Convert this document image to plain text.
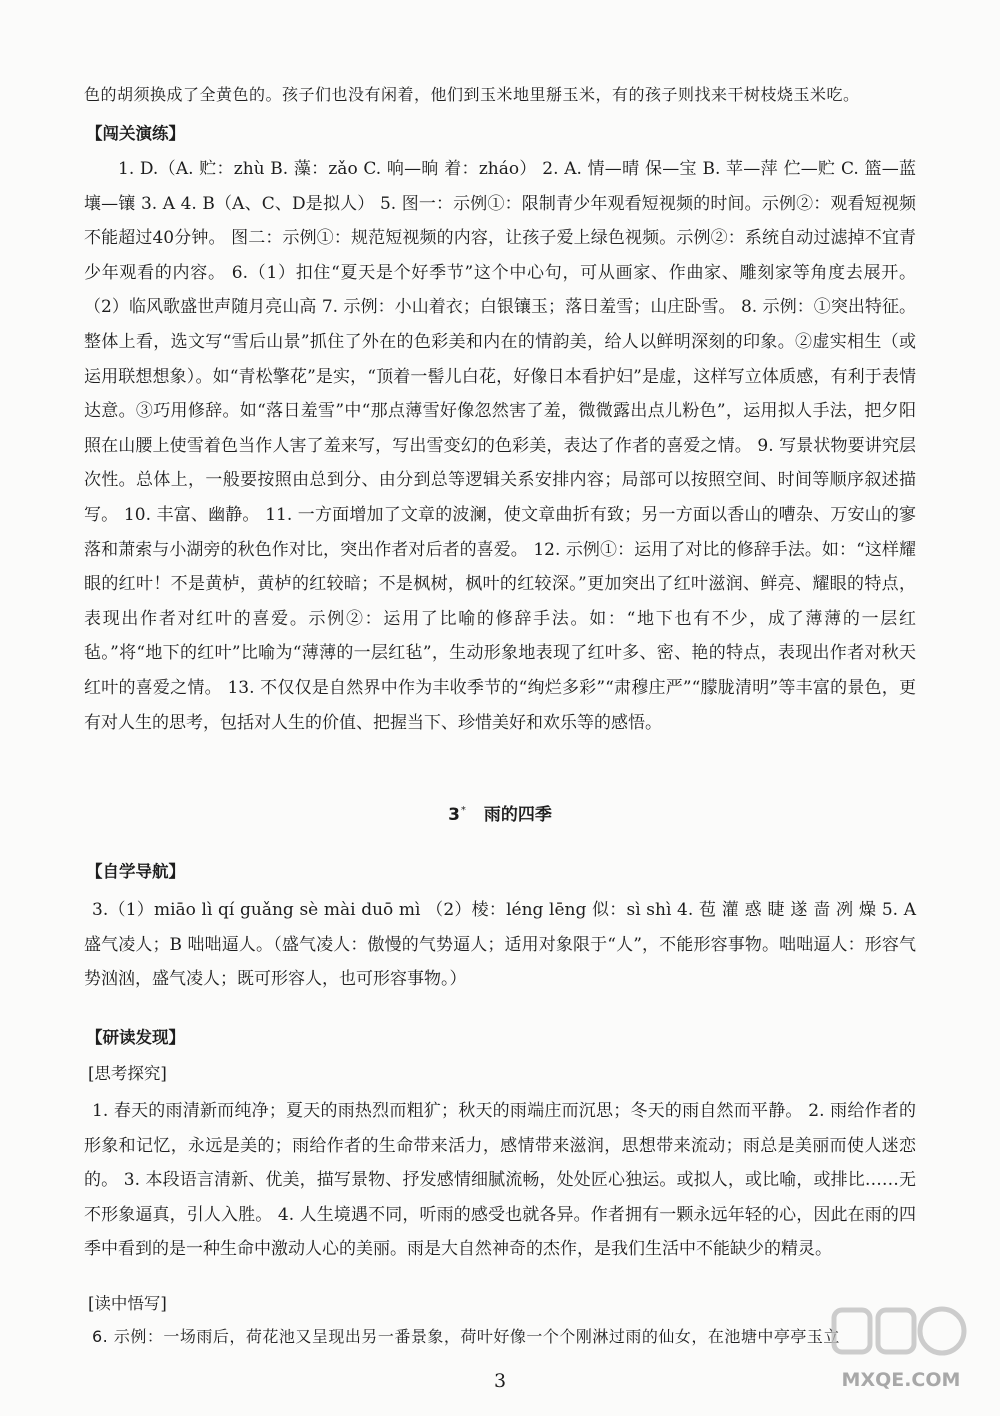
色的胡须换成了全黄色的。孩子们也没有闲着，他们到玉米地里掰玉米，有的孩子则找来干树枝烧玉米吃。

【闯关演练】

1. D.（A. 贮：zhù B. 藻：zǎo C. 响—晌 着：zháo） 2. A. 情—晴 保—宝 B. 苹—萍 伫—贮 C. 篮—蓝 壤—镶 3. A 4. B（A、C、D是拟人） 5. 图一：示例①：限制青少年观看短视频的时间。示例②：观看短视频不能超过40分钟。 图二：示例①：规范短视频的内容，让孩子爱上绿色视频。示例②：系统自动过滤掉不宜青少年观看的内容。 6.（1）扣住“夏天是个好季节”这个中心句，可从画家、作曲家、雕刻家等角度去展开。 （2）临风歌盛世声随月亮山高 7. 示例：小山着衣；白银镶玉；落日羞雪；山庄卧雪。 8. 示例：①突出特征。整体上看，选文写“雪后山景”抓住了外在的色彩美和内在的情韵美，给人以鲜明深刻的印象。②虚实相生（或运用联想想象）。如“青松擎花”是实，“顶着一髻儿白花，好像日本看护妇”是虚，这样写立体质感，有利于表情达意。③巧用修辞。如“落日羞雪”中“那点薄雪好像忽然害了羞，微微露出点儿粉色”，运用拟人手法，把夕阳照在山腰上使雪着色当作人害了羞来写，写出雪变幻的色彩美，表达了作者的喜爱之情。 9. 写景状物要讲究层次性。总体上，一般要按照由总到分、由分到总等逻辑关系安排内容；局部可以按照空间、时间等顺序叙述描写。 10. 丰富、幽静。 11. 一方面增加了文章的波澜，使文章曲折有致；另一方面以香山的嘈杂、万安山的寥落和萧索与小湖旁的秋色作对比，突出作者对后者的喜爱。 12. 示例①：运用了对比的修辞手法。如：“这样耀眼的红叶！不是黄栌，黄栌的红较暗；不是枫树，枫叶的红较深。”更加突出了红叶滋润、鲜亮、耀眼的特点，表现出作者对红叶的喜爱。示例②：运用了比喻的修辞手法。如：“地下也有不少，成了薄薄的一层红毡。”将“地下的红叶”比喻为“薄薄的一层红毡”，生动形象地表现了红叶多、密、艳的特点，表现出作者对秋天红叶的喜爱之情。 13. 不仅仅是自然界中作为丰收季节的“绚烂多彩”“肃穆庄严”“朦胧清明”等丰富的景色，更有对人生的思考，包括对人生的价值、把握当下、珍惜美好和欢乐等的感悟。

3* 雨的四季
【自学导航】

3.（1）miāo lì qí guǎng sè mài duō mì （2）棱：léng lēng 似：sì shì 4. 苞 灌 惑 睫 遂 啬 冽 燥 5. A 盛气凌人；B 咄咄逼人。（盛气凌人：傲慢的气势逼人；适用对象限于“人”，不能形容事物。咄咄逼人：形容气势汹汹，盛气凌人；既可形容人，也可形容事物。）

【研读发现】
[思考探究]

1. 春天的雨清新而纯净；夏天的雨热烈而粗犷；秋天的雨端庄而沉思；冬天的雨自然而平静。 2. 雨给作者的形象和记忆，永远是美的；雨给作者的生命带来活力，感情带来滋润，思想带来流动；雨总是美丽而使人迷恋的。 3. 本段语言清新、优美，描写景物、抒发感情细腻流畅，处处匠心独运。或拟人，或比喻，或排比……无不形象逼真，引人入胜。 4. 人生境遇不同，听雨的感受也就各异。作者拥有一颗永远年轻的心，因此在雨的四季中看到的是一种生命中激动人心的美丽。雨是大自然神奇的杰作，是我们生活中不能缺少的精灵。

[读中悟写]

6. 示例：一场雨后，荷花池又呈现出另一番景象，荷叶好像一个个刚淋过雨的仙女，在池塘中亭亭玉立

3	MXQE.COM
